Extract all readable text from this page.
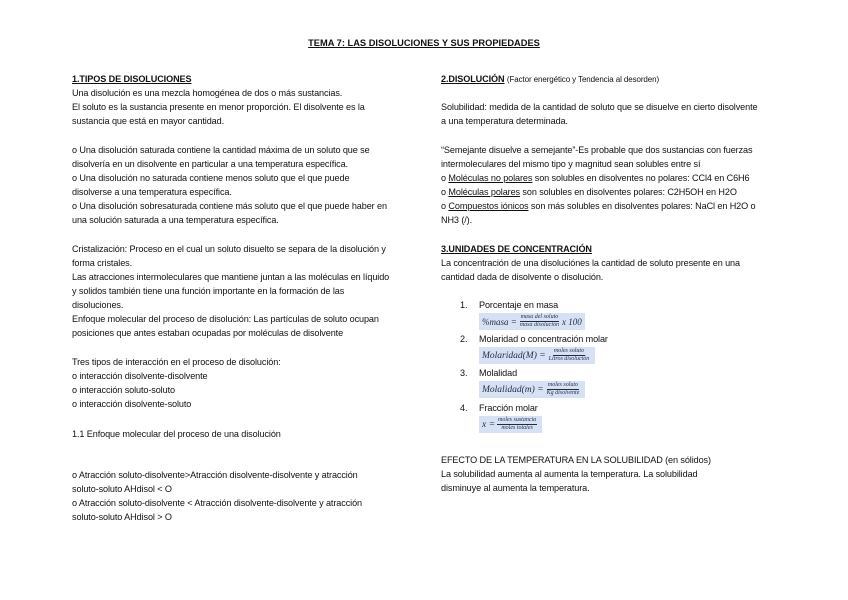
TEMA 7: LAS DISOLUCIONES Y SUS PROPIEDADES
1.TIPOS DE DISOLUCIONES
Una disolución es una mezcla homogénea de dos o más sustancias.
El soluto es la sustancia presente en menor proporción. El disolvente es la
sustancia que está en mayor cantidad.
o Una disolución saturada contiene la cantidad máxima de un soluto que se
disolvería en un disolvente en particular a una temperatura específica.
o Una disolución no saturada contiene menos soluto que el que puede
disolverse a una temperatura específica.
o Una disolución sobresaturada contiene más soluto que el que puede haber en
una solución saturada a una temperatura específica.
Cristalización: Proceso en el cual un soluto disuelto se separa de la disolución y
forma cristales.
Las atracciones intermoleculares que mantiene juntan a las moléculas en líquido
y solidos también tiene una función importante en la formación de las
disoluciones.
Enfoque molecular del proceso de disolución: Las partículas de soluto ocupan
posiciones que antes estaban ocupadas por moléculas de disolvente
Tres tipos de interacción en el proceso de disolución:
o interacción disolvente-disolvente
o interacción soluto-soluto
o interacción disolvente-soluto
1.1 Enfoque molecular del proceso de una disolución
o Atracción soluto-disolvente>Atracción disolvente-disolvente y atracción
soluto-soluto AHdisol < O
o Atracción soluto-disolvente < Atracción disolvente-disolvente y atracción
soluto-soluto AHdisol > O
2.DISOLUCIÓN (Factor energético y Tendencia al desorden)
Solubilidad: medida de la cantidad de soluto que se disuelve en cierto disolvente
a una temperatura determinada.
“Semejante disuelve a semejante”-Es probable que dos sustancias con fuerzas
intermoleculares del mismo tipo y magnitud sean solubles entre sí
o Moléculas no polares son solubles en disolventes no polares: CCl4 en C6H6
o Moléculas polares son solubles en disolventes polares: C2H5OH en H2O
o Compuestos iónicos son más solubles en disolventes polares: NaCl en H2O o
NH3 (/).
3.UNIDADES DE CONCENTRACIÓN
La concentración de una disoluciónes la cantidad de soluto presente en una
cantidad dada de disolvente o disolución.
1. Porcentaje en masa
%masa = $\frac{\text{masa del soluto}}{\text{masa disolución}}$ x 100
2. Molaridad o concentración molar
Molaridad(M) = $\frac{\text{moles soluto}}{\text{Litros disolución}}$
3. Molalidad
Molalidad(m) = $\frac{\text{moles soluto}}{\text{Kg disolvente}}$
4. Fracción molar
$x = \frac{\text{moles sustancia}}{\text{moles totales}}$
EFECTO DE LA TEMPERATURA EN LA SOLUBILIDAD (en sólidos)
La solubilidad aumenta al aumenta la temperatura. La solubilidad
disminuye al aumenta la temperatura.
